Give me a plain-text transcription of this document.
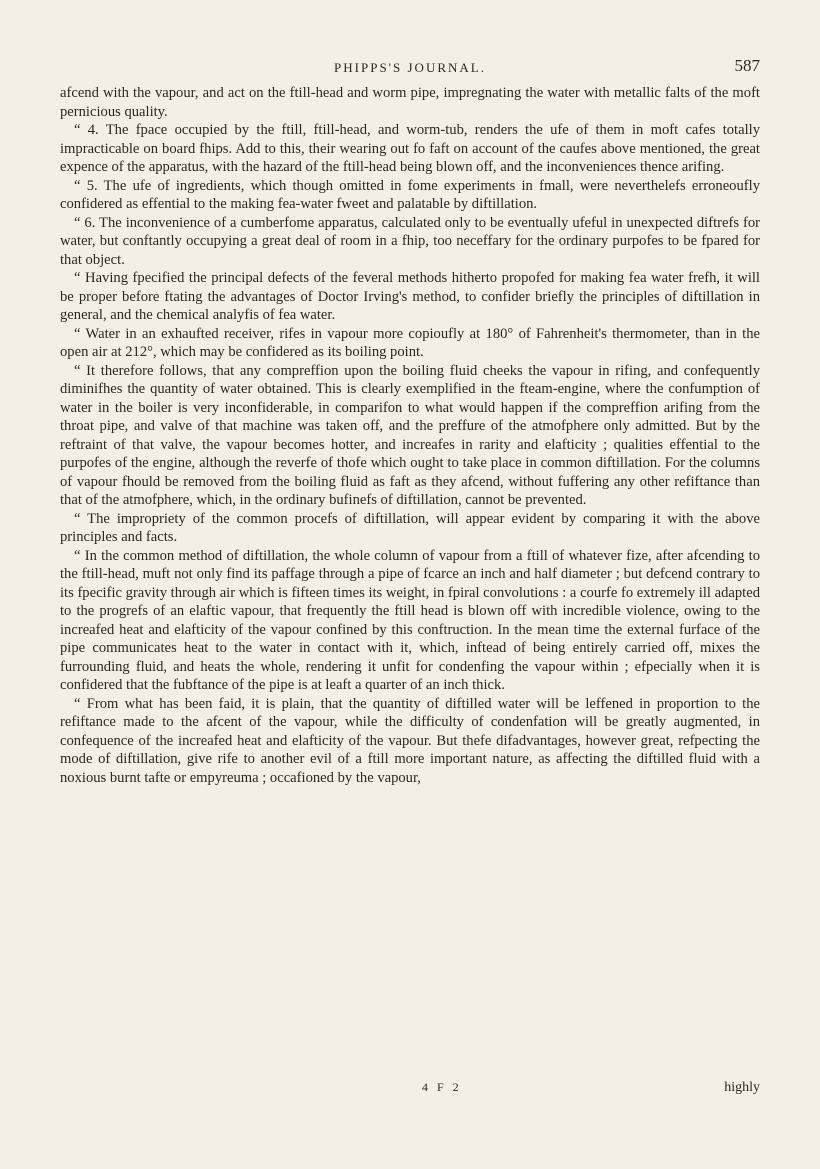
PHIPPS'S JOURNAL.	587

afcend with the vapour, and act on the ftill-head and worm pipe, impregnating the water with metallic falts of the moft pernicious quality.

“ 4. The fpace occupied by the ftill, ftill-head, and worm-tub, renders the ufe of them in moft cafes totally impracticable on board fhips. Add to this, their wearing out fo faft on account of the caufes above mentioned, the great expence of the apparatus, with the hazard of the ftill-head being blown off, and the inconveniences thence arifing.

“ 5. The ufe of ingredients, which though omitted in fome experiments in fmall, were neverthelefs erroneoufly confidered as effential to the making fea-water fweet and palatable by diftillation.

“ 6. The inconvenience of a cumberfome apparatus, calculated only to be eventually ufeful in unexpected diftrefs for water, but conftantly occupying a great deal of room in a fhip, too neceffary for the ordinary purpofes to be fpared for that object.

“ Having fpecified the principal defects of the feveral methods hitherto propofed for making fea water frefh, it will be proper before ftating the advantages of Doctor Irving's method, to confider briefly the principles of diftillation in general, and the chemical analyfis of fea water.

“ Water in an exhaufted receiver, rifes in vapour more copioufly at 180° of Fahrenheit's thermometer, than in the open air at 212°, which may be confidered as its boiling point.

“ It therefore follows, that any compreffion upon the boiling fluid cheeks the vapour in rifing, and confequently diminifhes the quantity of water obtained. This is clearly exemplified in the fteam-engine, where the confumption of water in the boiler is very inconfiderable, in comparifon to what would happen if the compreffion arifing from the throat pipe, and valve of that machine was taken off, and the preffure of the atmofphere only admitted. But by the reftraint of that valve, the vapour becomes hotter, and increafes in rarity and elafticity ; qualities effential to the purpofes of the engine, although the reverfe of thofe which ought to take place in common diftillation. For the columns of vapour fhould be removed from the boiling fluid as faft as they afcend, without fuffering any other refiftance than that of the atmofphere, which, in the ordinary bufinefs of diftillation, cannot be prevented.

“ The impropriety of the common procefs of diftillation, will appear evident by comparing it with the above principles and facts.

“ In the common method of diftillation, the whole column of vapour from a ftill of whatever fize, after afcending to the ftill-head, muft not only find its paffage through a pipe of fcarce an inch and half diameter ; but defcend contrary to its fpecific gravity through air which is fifteen times its weight, in fpiral convolutions : a courfe fo extremely ill adapted to the progrefs of an elaftic vapour, that frequently the ftill head is blown off with incredible violence, owing to the increafed heat and elafticity of the vapour confined by this conftruction. In the mean time the external furface of the pipe communicates heat to the water in contact with it, which, inftead of being entirely carried off, mixes the furrounding fluid, and heats the whole, rendering it unfit for condenfing the vapour within ; efpecially when it is confidered that the fubftance of the pipe is at leaft a quarter of an inch thick.

“ From what has been faid, it is plain, that the quantity of diftilled water will be leffened in proportion to the refiftance made to the afcent of the vapour, while the difficulty of condenfation will be greatly augmented, in confequence of the increafed heat and elafticity of the vapour. But thefe difadvantages, however great, refpecting the mode of diftillation, give rife to another evil of a ftill more important nature, as affecting the diftilled fluid with a noxious burnt tafte or empyreuma ; occafioned by the vapour,

4 F 2	highly
